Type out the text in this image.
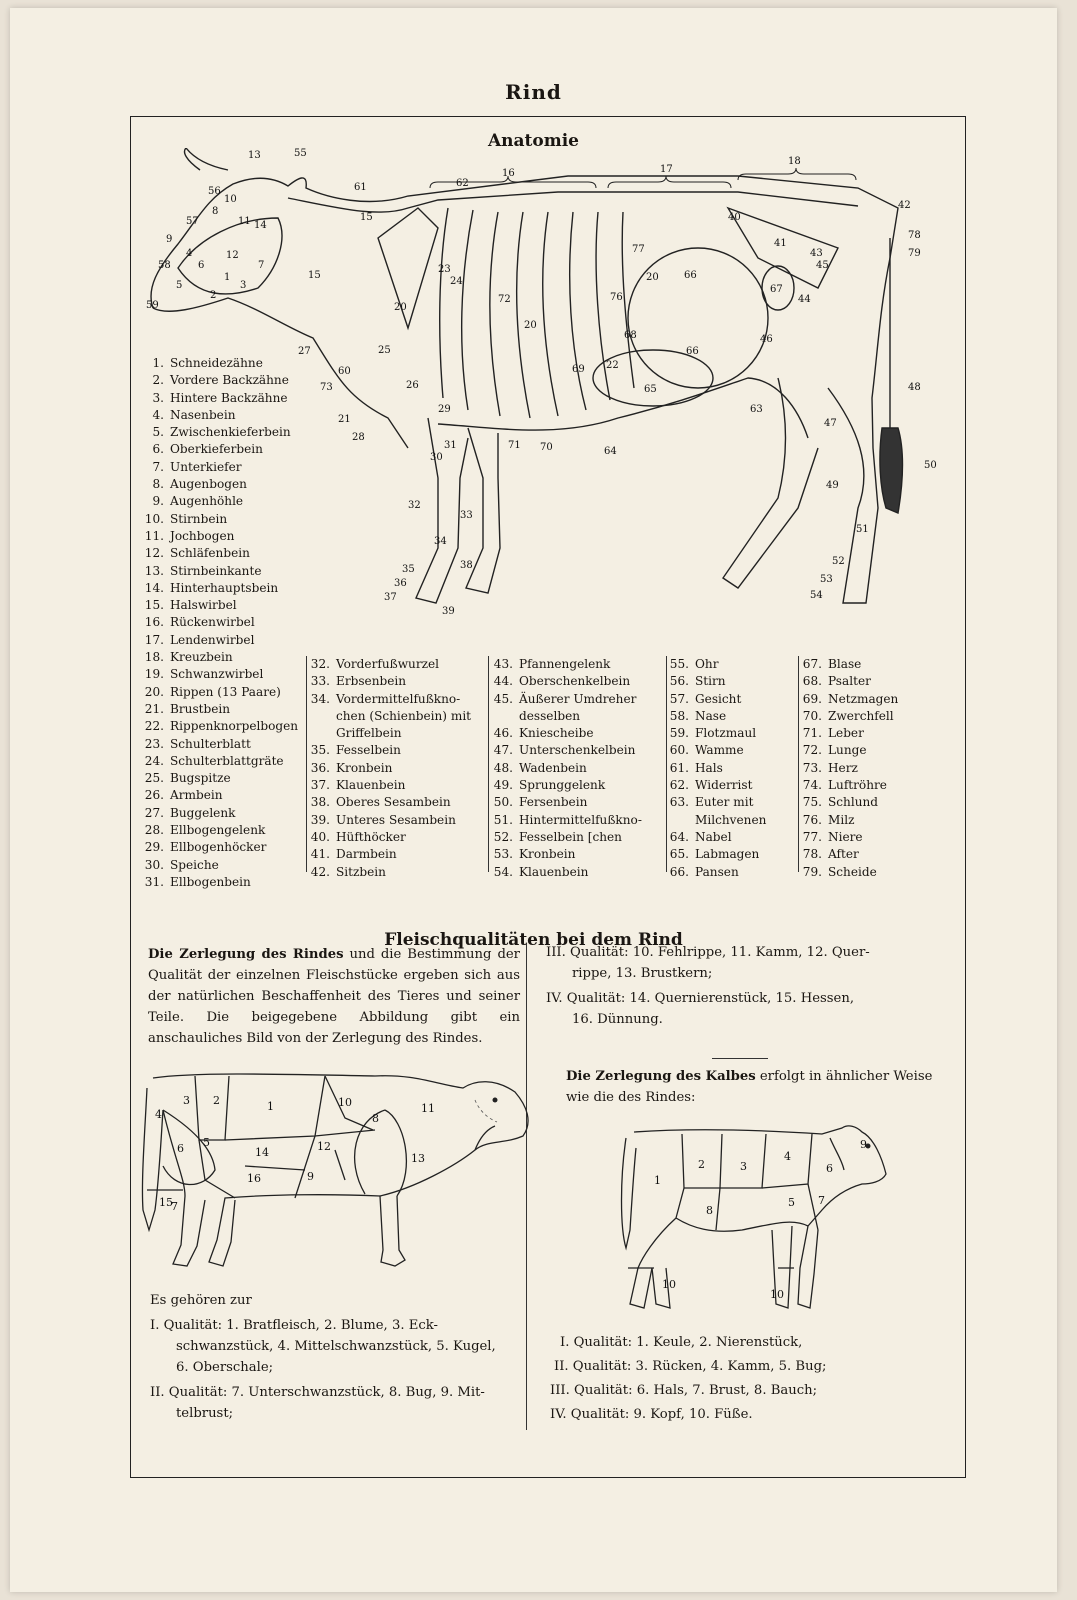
Rind
Anatomie
16	17
18
62
61
13	55
56
57
9
58
59
10
8
12
11 14
15
15
6
4
5
2
3
7
1
27
60
73
21
28
25
26
29
31
30
32
33
34
35
36
37
38
39
23
24
20
72
20
71 70	64
69 22
68
76
65
66
66
67
20
63
40
41
43
44
46
47
49
51
52
53
54
42
78
79
48
50
77
45
1. Schneidezähne
2. Vordere Backzähne
3. Hintere Backzähne
4. Nasenbein
5. Zwischenkieferbein
6. Oberkieferbein
7. Unterkiefer
8. Augenbogen
9. Augenhöhle
10. Stirnbein
11. Jochbogen
12. Schläfenbein
13. Stirnbeinkante
14. Hinterhauptsbein
15. Halswirbel
16. Rückenwirbel
17. Lendenwirbel
18. Kreuzbein
19. Schwanzwirbel
20. Rippen (13 Paare)
21. Brustbein
22. Rippenknorpelbogen
23. Schulterblatt
24. Schulterblattgräte
25. Bugspitze
26. Armbein
27. Buggelenk
28. Ellbogengelenk
29. Ellbogenhöcker
30. Speiche
31. Ellbogenbein
32. Vorderfußwurzel
33. Erbsenbein
34. Vordermittelfußkno-
chen (Schienbein) mit
Griffelbein
35. Fesselbein
36. Kronbein
37. Klauenbein
38. Oberes Sesambein
39. Unteres Sesambein
40. Hüfthöcker
41. Darmbein
42. Sitzbein
43. Pfannengelenk
44. Oberschenkelbein
45. Äußerer Umdreher
desselben
46. Kniescheibe
47. Unterschenkelbein
48. Wadenbein
49. Sprunggelenk
50. Fersenbein
51. Hintermittelfußkno-
52. Fesselbein [chen
53. Kronbein
54. Klauenbein
55. Ohr
56. Stirn
57. Gesicht
58. Nase
59. Flotzmaul
60. Wamme
61. Hals
62. Widerrist
63. Euter mit
Milchvenen
64. Nabel
65. Labmagen
66. Pansen
67. Blase
68. Psalter
69. Netzmagen
70. Zwerchfell
71. Leber
72. Lunge
73. Herz
74. Luftröhre
75. Schlund
76. Milz
77. Niere
78. After
79. Scheide
Fleischqualitäten bei dem Rind
Die Zerlegung des Rindes und die Bestimmung der Qualität der einzelnen Fleischstücke ergeben sich aus der natürlichen Beschaffenheit des Tieres und seiner Teile. Die beigegebene Abbildung gibt ein anschauliches Bild von der Zerlegung des Rindes.
1
2
3
4
5
6
7
8
9
10	11
12
13
14
15
16
Es gehören zur
I. Qualität: 1. Bratfleisch, 2. Blume, 3. Eck-
schwanzstück, 4. Mittelschwanzstück, 5. Kugel,
6. Oberschale;
II. Qualität: 7. Unterschwanzstück, 8. Bug, 9. Mit-
telbrust;
III. Qualität: 10. Fehlrippe, 11. Kamm, 12. Quer-
rippe, 13. Brustkern;
IV. Qualität: 14. Quernierenstück, 15. Hessen,
16. Dünnung.
Die Zerlegung des Kalbes erfolgt in ähnlicher Weise
wie die des Rindes:
1
2	3
4
5
6
7
8
9
10
10
I. Qualität: 1. Keule, 2. Nierenstück,
II. Qualität: 3. Rücken, 4. Kamm, 5. Bug;
III. Qualität: 6. Hals, 7. Brust, 8. Bauch;
IV. Qualität: 9. Kopf, 10. Füße.
